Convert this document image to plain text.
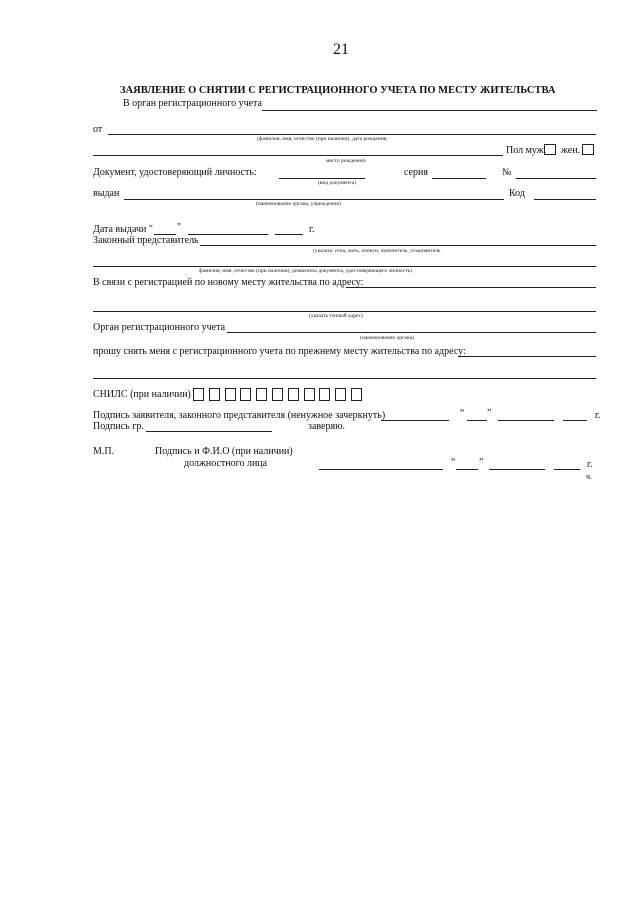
21
ЗАЯВЛЕНИЕ О СНЯТИИ С РЕГИСТРАЦИОННОГО УЧЕТА ПО МЕСТУ ЖИТЕЛЬСТВА
В орган регистрационного учета
от
(фамилия, имя, отчество (при наличии), дата рождения,
Пол муж. жен.
место рождения)
Документ, удостоверяющий личность:	серия	№
(вид документа)
выдан	Код
(наименование органа, учреждения)
Дата выдачи " "	г.
Законный представитель
(указать: отец, мать, опекун, попечитель, усыновитель
фамилия, имя, отчество (при наличии), реквизиты документа, удостоверяющего личность)
В связи с регистрацией по новому месту жительства по адресу:
(указать точный адрес)
Орган регистрационного учета
(наименование органа)
прошу снять меня с регистрационного учета по прежнему месту жительства по адресу:
СНИЛС (при наличии)
Подпись заявителя, законного представителя (ненужное зачеркнуть)	“ ”	г.
Подпись гр.	заверяю.
М.П.	Подпись и Ф.И.О (при наличии)
должностного лица	“ ”	г.
ч.
